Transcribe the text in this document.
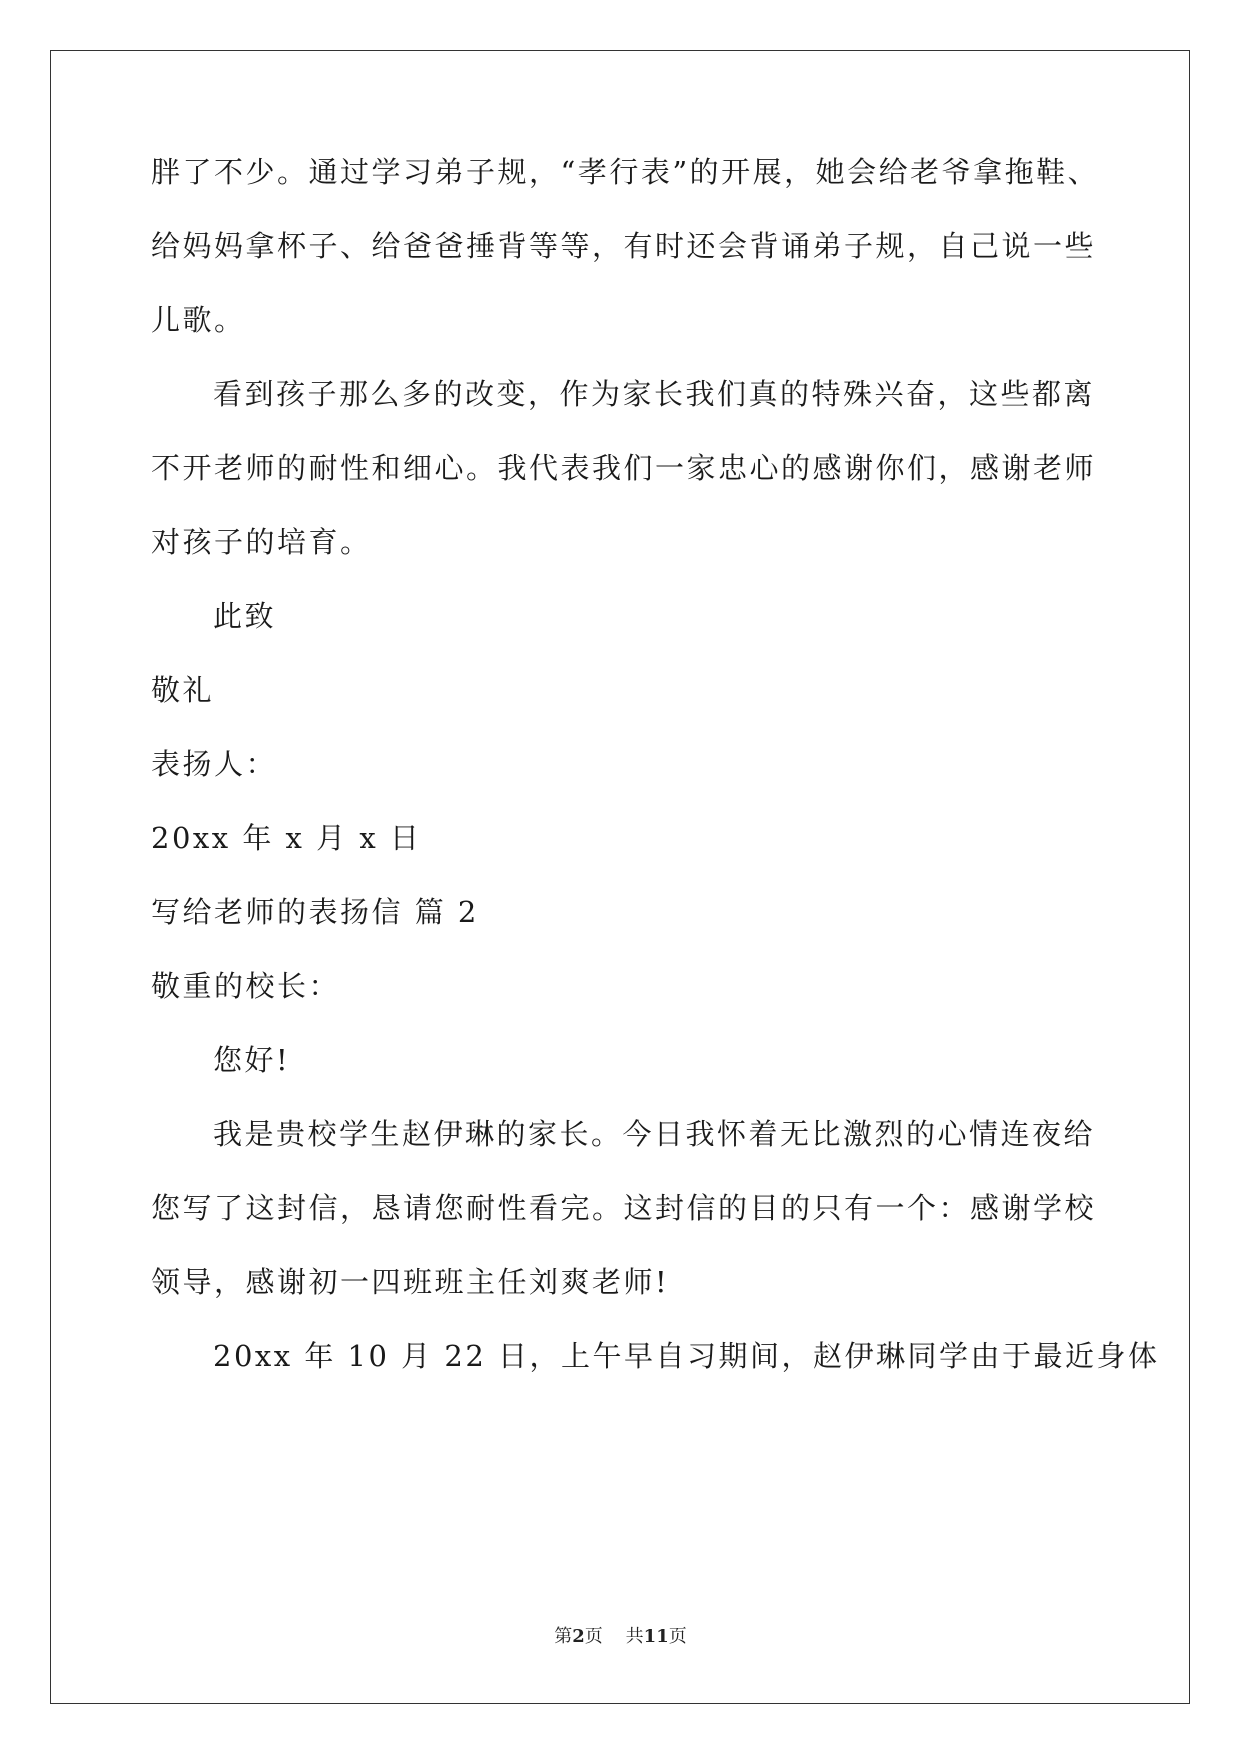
胖了不少。通过学习弟子规，“孝行表”的开展，她会给老爷拿拖鞋、
给妈妈拿杯子、给爸爸捶背等等，有时还会背诵弟子规，自己说一些
儿歌。
看到孩子那么多的改变，作为家长我们真的特殊兴奋，这些都离
不开老师的耐性和细心。我代表我们一家忠心的感谢你们，感谢老师
对孩子的培育。
此致
敬礼
表扬人：
20xx 年 x 月 x 日
写给老师的表扬信 篇 2
敬重的校长：
您好!
我是贵校学生赵伊琳的家长。今日我怀着无比激烈的心情连夜给
您写了这封信，恳请您耐性看完。这封信的目的只有一个：感谢学校
领导，感谢初一四班班主任刘爽老师!
20xx 年 10 月 22 日，上午早自习期间，赵伊琳同学由于最近身体
第2页 共11页
